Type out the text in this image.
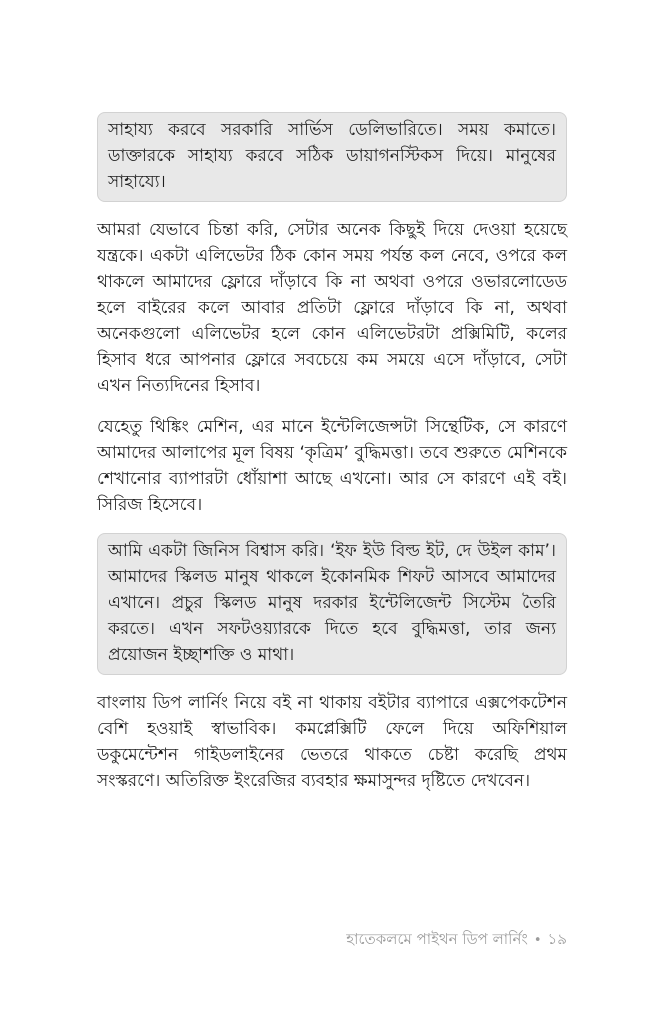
সাহায্য করবে সরকারি সার্ভিস ডেলিভারিতে। সময় কমাতে। ডাক্তারকে সাহায্য করবে সঠিক ডায়াগনস্টিকস দিয়ে। মানুষের সাহায্যে।

আমরা যেভাবে চিন্তা করি, সেটার অনেক কিছুই দিয়ে দেওয়া হয়েছে যন্ত্রকে। একটা এলিভেটর ঠিক কোন সময় পর্যন্ত কল নেবে, ওপরে কল থাকলে আমাদের ফ্লোরে দাঁড়াবে কি না অথবা ওপরে ওভারলোডেড হলে বাইরের কলে আবার প্রতিটা ফ্লোরে দাঁড়াবে কি না, অথবা অনেকগুলো এলিভেটর হলে কোন এলিভেটরটা প্রক্সিমিটি, কলের হিসাব ধরে আপনার ফ্লোরে সবচেয়ে কম সময়ে এসে দাঁড়াবে, সেটা এখন নিত্যদিনের হিসাব।

যেহেতু থিঙ্কিং মেশিন, এর মানে ইন্টেলিজেন্সটা সিন্থেটিক, সে কারণে আমাদের আলাপের মূল বিষয় ‘কৃত্রিম’ বুদ্ধিমত্তা। তবে শুরুতে মেশিনকে শেখানোর ব্যাপারটা ধোঁয়াশা আছে এখনো। আর সে কারণে এই বই। সিরিজ হিসেবে।

আমি একটা জিনিস বিশ্বাস করি। ‘ইফ ইউ বিল্ড ইট, দে উইল কাম’। আমাদের স্কিলড মানুষ থাকলে ইকোনমিক শিফট আসবে আমাদের এখানে। প্রচুর স্কিলড মানুষ দরকার ইন্টেলিজেন্ট সিস্টেম তৈরি করতে। এখন সফটওয়্যারকে দিতে হবে বুদ্ধিমত্তা, তার জন্য প্রয়োজন ইচ্ছাশক্তি ও মাথা।

বাংলায় ডিপ লার্নিং নিয়ে বই না থাকায় বইটার ব্যাপারে এক্সপেকটেশন বেশি হওয়াই স্বাভাবিক। কমপ্লেক্সিটি ফেলে দিয়ে অফিশিয়াল ডকুমেন্টেশন গাইডলাইনের ভেতরে থাকতে চেষ্টা করেছি প্রথম সংস্করণে। অতিরিক্ত ইংরেজির ব্যবহার ক্ষমাসুন্দর দৃষ্টিতে দেখবেন।

হাতেকলমে পাইথন ডিপ লার্নিং • ১৯
